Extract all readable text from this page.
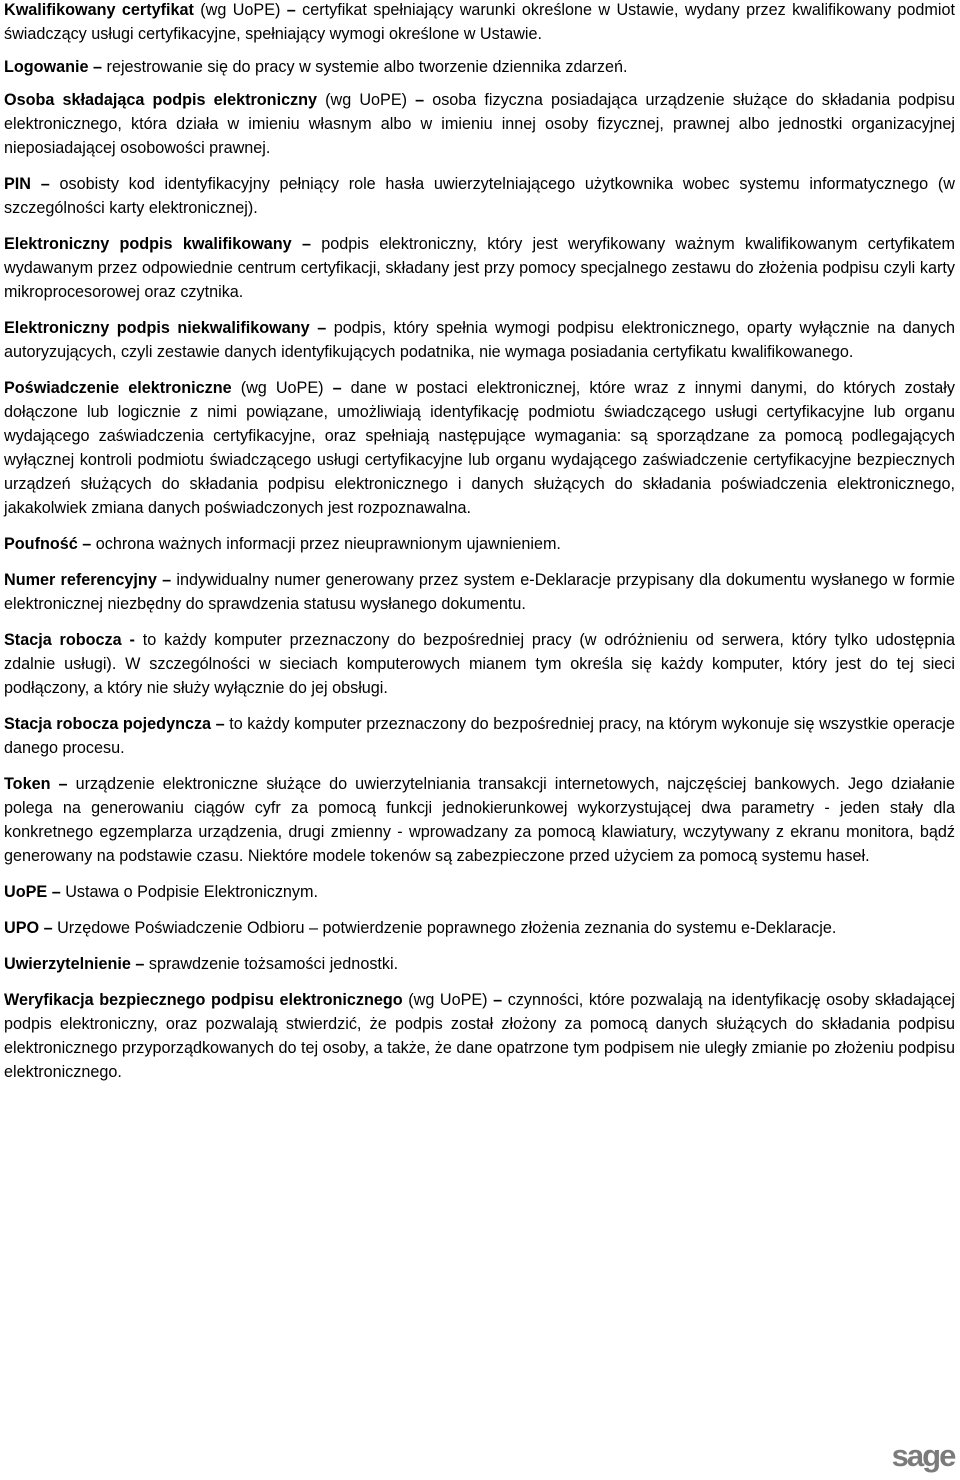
Kwalifikowany certyfikat (wg UoPE) – certyfikat spełniający warunki określone w Ustawie, wydany przez kwalifikowany podmiot świadczący usługi certyfikacyjne, spełniający wymogi określone w Ustawie.

Logowanie – rejestrowanie się do pracy w systemie albo tworzenie dziennika zdarzeń.

Osoba składająca podpis elektroniczny (wg UoPE) – osoba fizyczna posiadająca urządzenie służące do składania podpisu elektronicznego, która działa w imieniu własnym albo w imieniu innej osoby fizycznej, prawnej albo jednostki organizacyjnej nieposiadającej osobowości prawnej.

PIN – osobisty kod identyfikacyjny pełniący role hasła uwierzytelniającego użytkownika wobec systemu informatycznego (w szczególności karty elektronicznej).

Elektroniczny podpis kwalifikowany – podpis elektroniczny, który jest weryfikowany ważnym kwalifikowanym certyfikatem wydawanym przez odpowiednie centrum certyfikacji, składany jest przy pomocy specjalnego zestawu do złożenia podpisu czyli karty mikroprocesorowej oraz czytnika.

Elektroniczny podpis niekwalifikowany – podpis, który spełnia wymogi podpisu elektronicznego, oparty wyłącznie na danych autoryzujących, czyli zestawie danych identyfikujących podatnika, nie wymaga posiadania certyfikatu kwalifikowanego.

Poświadczenie elektroniczne (wg UoPE) – dane w postaci elektronicznej, które wraz z innymi danymi, do których zostały dołączone lub logicznie z nimi powiązane, umożliwiają identyfikację podmiotu świadczącego usługi certyfikacyjne lub organu wydającego zaświadczenia certyfikacyjne, oraz spełniają następujące wymagania: są sporządzane za pomocą podlegających wyłącznej kontroli podmiotu świadczącego usługi certyfikacyjne lub organu wydającego zaświadczenie certyfikacyjne bezpiecznych urządzeń służących do składania podpisu elektronicznego i danych służących do składania poświadczenia elektronicznego, jakakolwiek zmiana danych poświadczonych jest rozpoznawalna.

Poufność – ochrona ważnych informacji przez nieuprawnionym ujawnieniem.

Numer referencyjny – indywidualny numer generowany przez system e-Deklaracje przypisany dla dokumentu wysłanego w formie elektronicznej niezbędny do sprawdzenia statusu wysłanego dokumentu.

Stacja robocza - to każdy komputer przeznaczony do bezpośredniej pracy (w odróżnieniu od serwera, który tylko udostępnia zdalnie usługi). W szczególności w sieciach komputerowych mianem tym określa się każdy komputer, który jest do tej sieci podłączony, a który nie służy wyłącznie do jej obsługi.

Stacja robocza pojedyncza – to każdy komputer przeznaczony do bezpośredniej pracy, na którym wykonuje się wszystkie operacje danego procesu.

Token – urządzenie elektroniczne służące do uwierzytelniania transakcji internetowych, najczęściej bankowych. Jego działanie polega na generowaniu ciągów cyfr za pomocą funkcji jednokierunkowej wykorzystującej dwa parametry - jeden stały dla konkretnego egzemplarza urządzenia, drugi zmienny - wprowadzany za pomocą klawiatury, wczytywany z ekranu monitora, bądź generowany na podstawie czasu. Niektóre modele tokenów są zabezpieczone przed użyciem za pomocą systemu haseł.

UoPE – Ustawa o Podpisie Elektronicznym.

UPO – Urzędowe Poświadczenie Odbioru – potwierdzenie poprawnego złożenia zeznania do systemu e-Deklaracje.

Uwierzytelnienie – sprawdzenie tożsamości jednostki.

Weryfikacja bezpiecznego podpisu elektronicznego (wg UoPE) – czynności, które pozwalają na identyfikację osoby składającej podpis elektroniczny, oraz pozwalają stwierdzić, że podpis został złożony za pomocą danych służących do składania podpisu elektronicznego przyporządkowanych do tej osoby, a także, że dane opatrzone tym podpisem nie uległy zmianie po złożeniu podpisu elektronicznego.

sage
